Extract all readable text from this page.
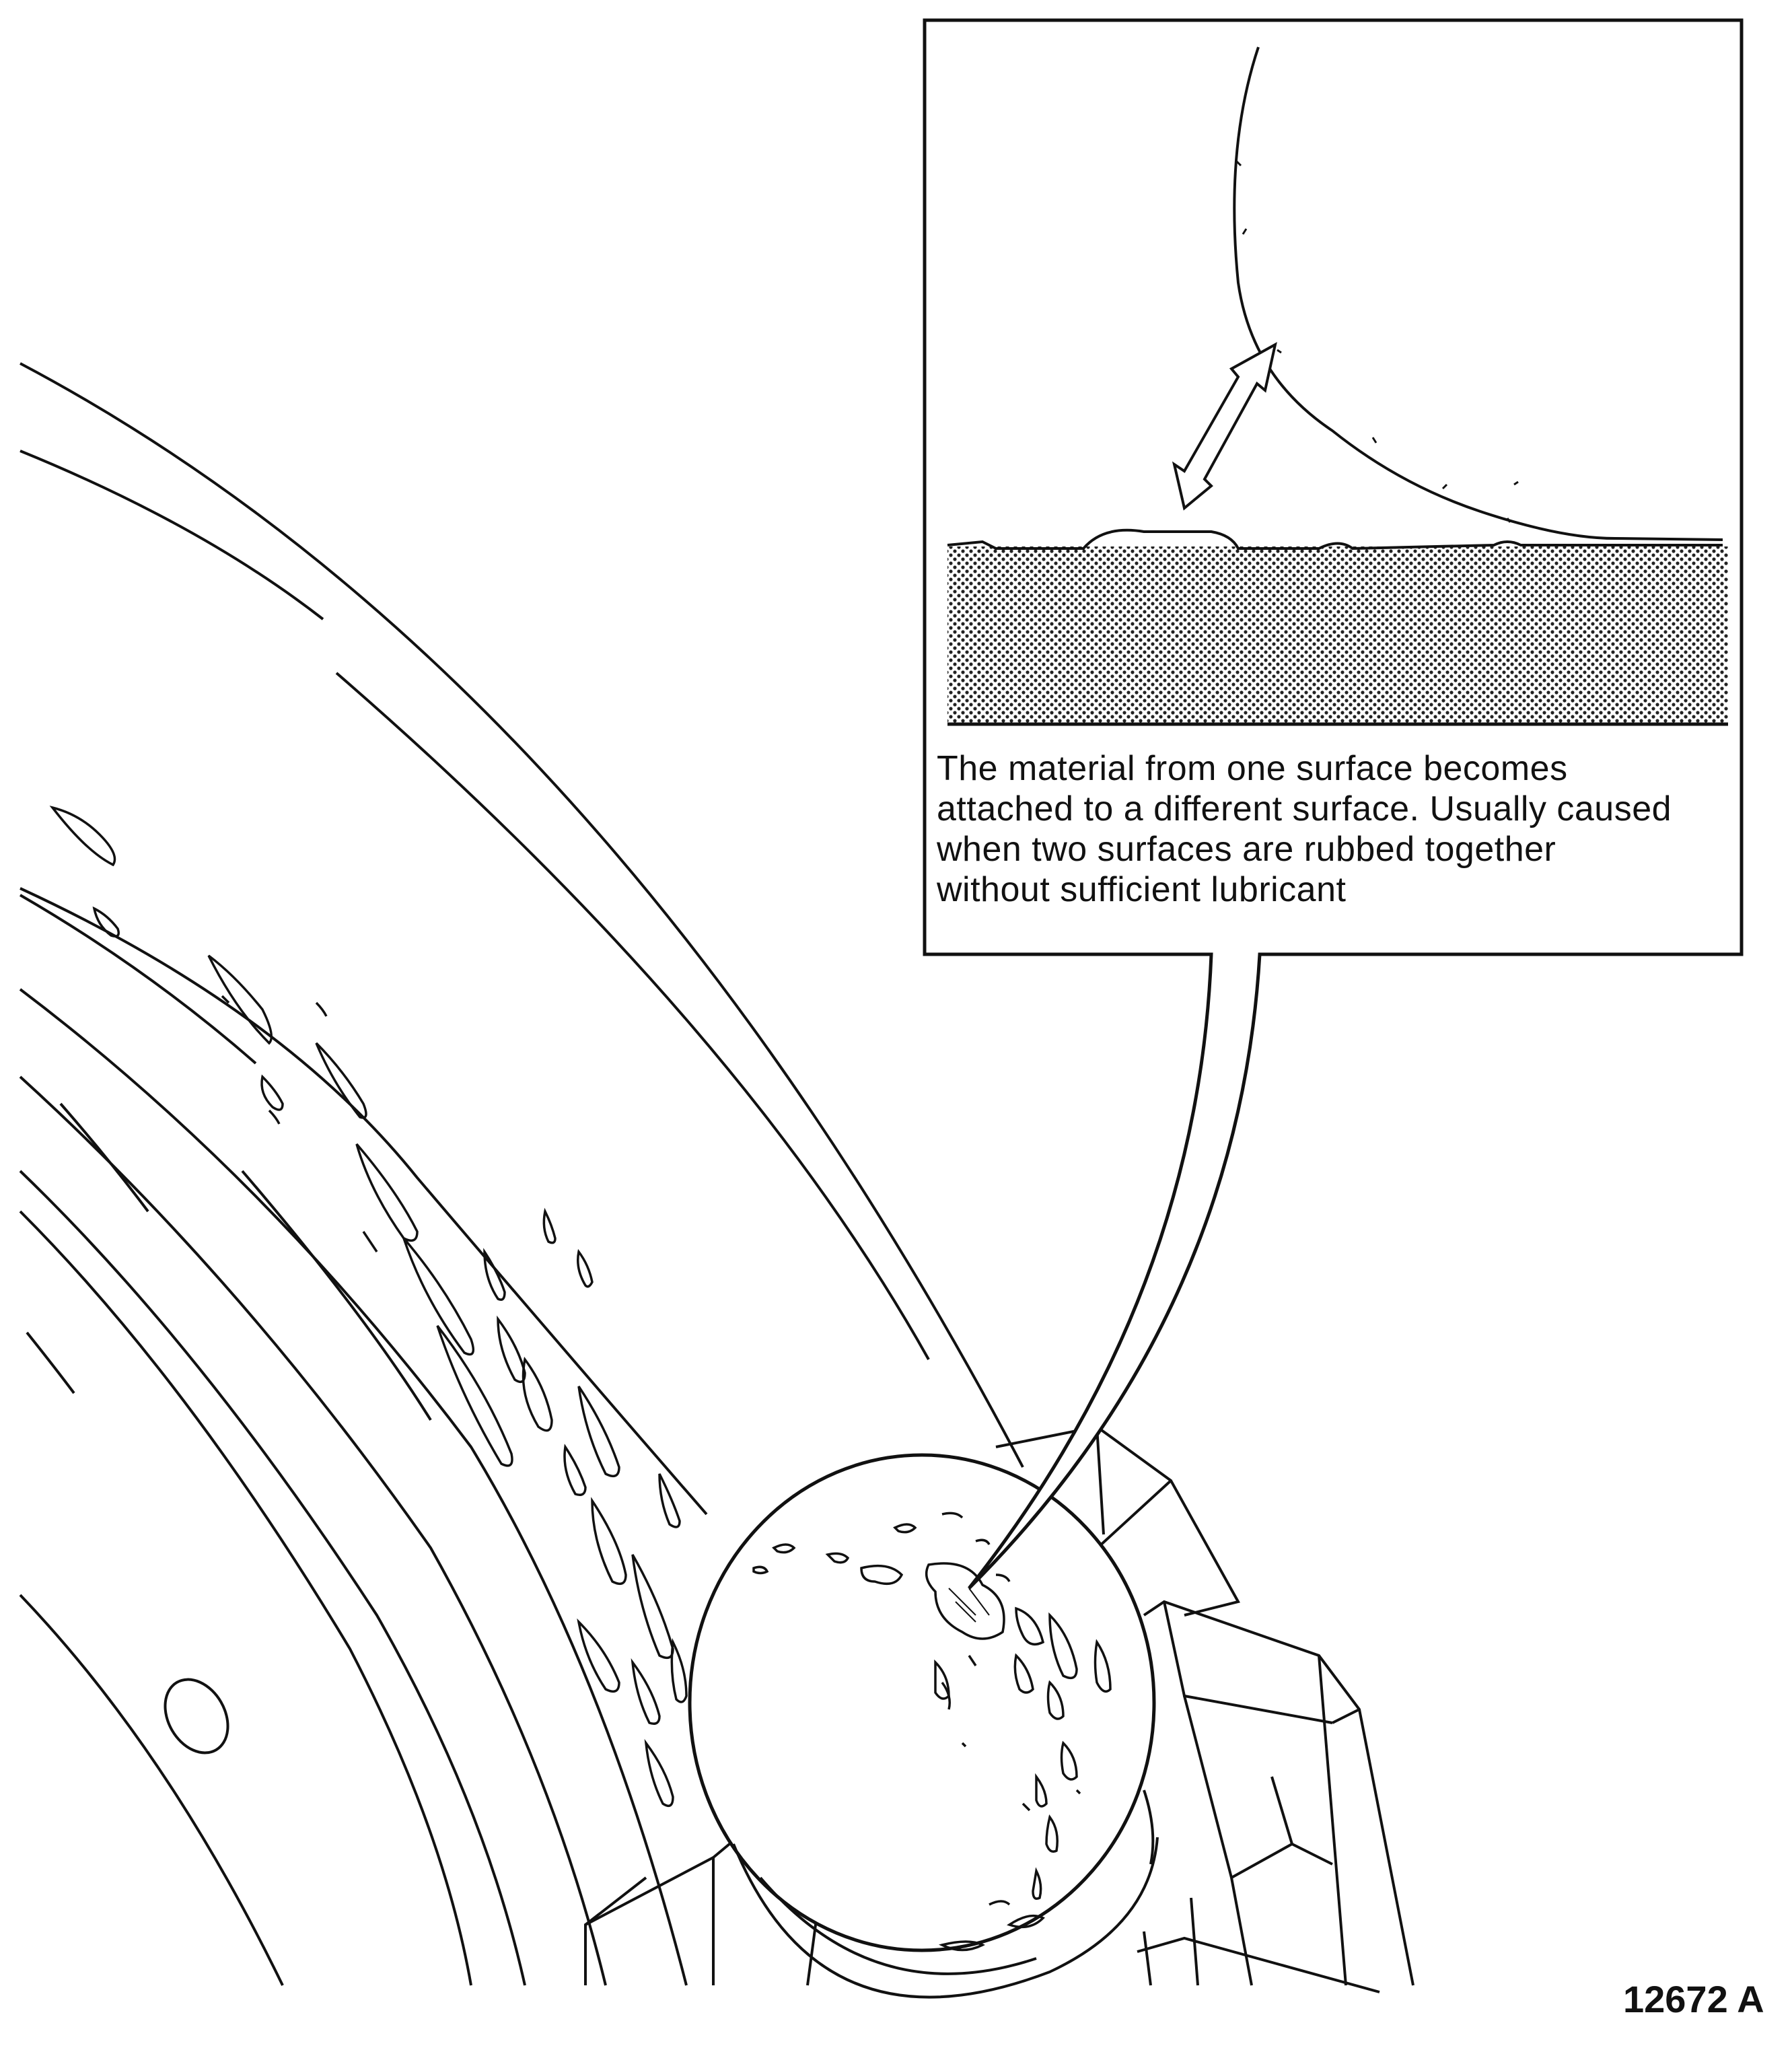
The material from one surface becomes
attached to a different surface. Usually caused
when two surfaces are rubbed together
without sufficient lubricant

12672 A
